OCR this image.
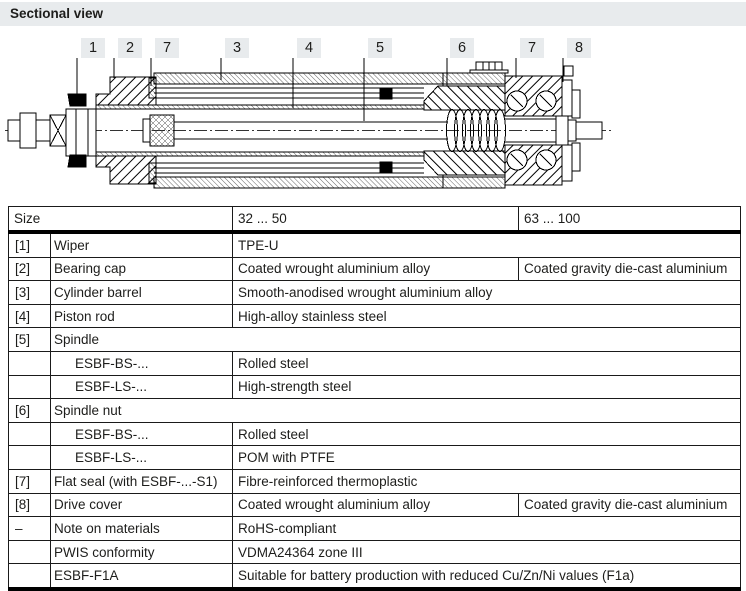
Sectional view
1	2	7	3	4	5	6	7	8
Size		32 ... 50	63 ... 100
[1]	Wiper	TPE-U	
[2]	Bearing cap	Coated wrought aluminium alloy	Coated gravity die-cast aluminium
[3]	Cylinder barrel	Smooth-anodised wrought aluminium alloy	
[4]	Piston rod	High-alloy stainless steel	
[5]	Spindle		
	ESBF-BS-...	Rolled steel	
	ESBF-LS-...	High-strength steel	
[6]	Spindle nut		
	ESBF-BS-...	Rolled steel	
	ESBF-LS-...	POM with PTFE	
[7]	Flat seal (with ESBF-...-S1)	Fibre-reinforced thermoplastic	
[8]	Drive cover	Coated wrought aluminium alloy	Coated gravity die-cast aluminium
–	Note on materials	RoHS-compliant	
	PWIS conformity	VDMA24364 zone III	
	ESBF-F1A	Suitable for battery production with reduced Cu/Zn/Ni values (F1a)	
